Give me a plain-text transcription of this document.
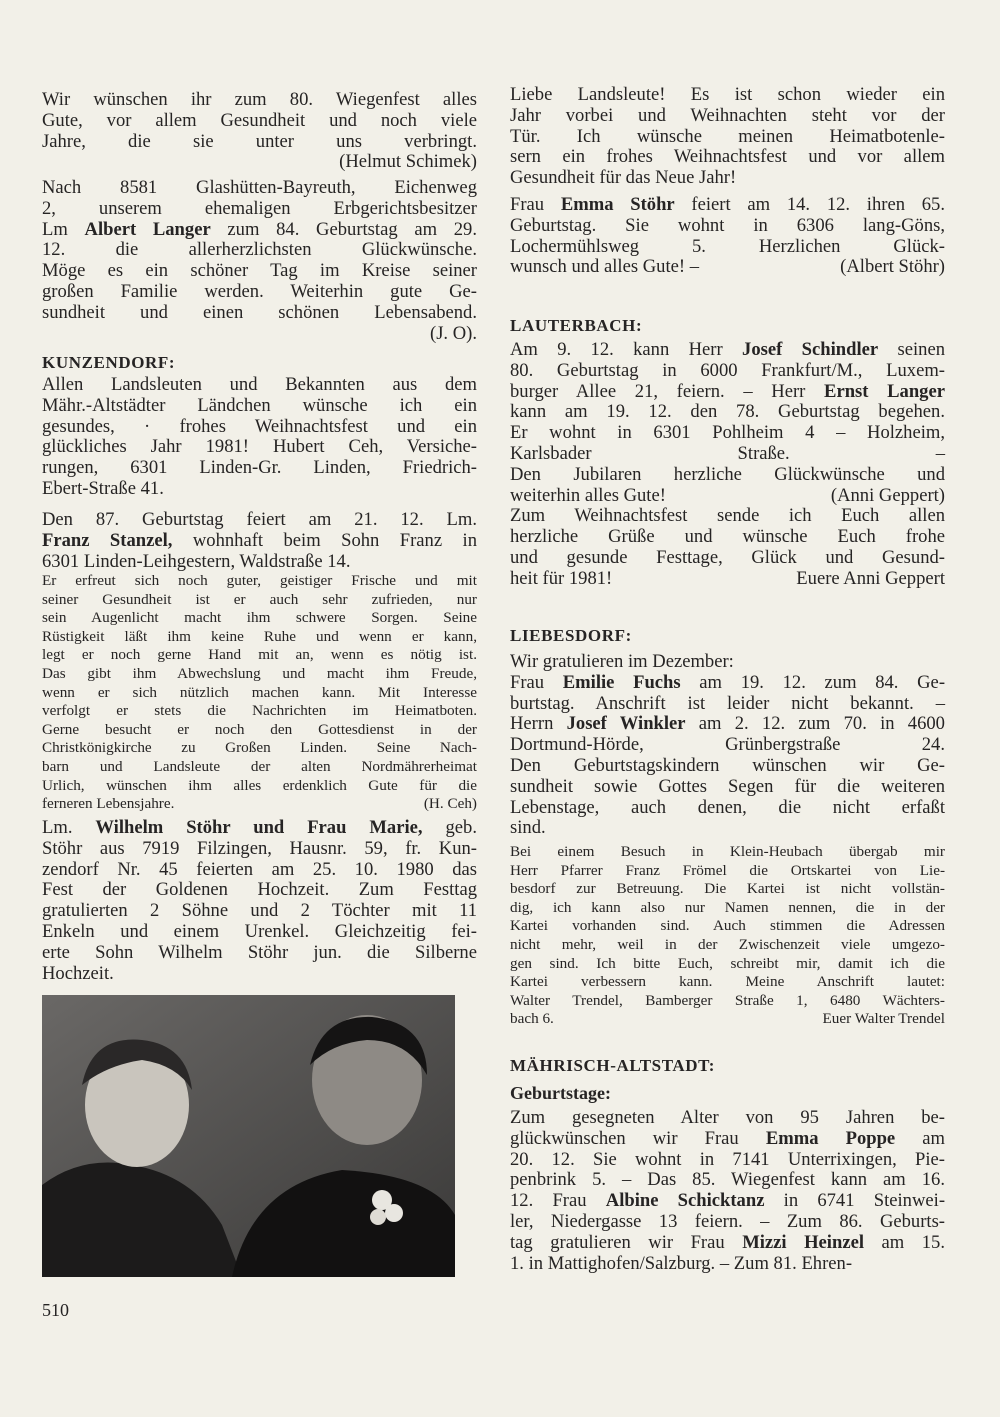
Wir wünschen ihr zum 80. Wiegenfest alles
Gute, vor allem Gesundheit und noch viele
Jahre, die sie unter uns verbringt.
(Helmut Schimek)
Nach 8581 Glashütten-Bayreuth, Eichenweg
2, unserem ehemaligen Erbgerichtsbesitzer
Lm Albert Langer zum 84. Geburtstag am 29.
12. die allerherzlichsten Glückwünsche.
Möge es ein schöner Tag im Kreise seiner
großen Familie werden. Weiterhin gute Ge-
sundheit und einen schönen Lebensabend.
(J. O).
KUNZENDORF:
Allen Landsleuten und Bekannten aus dem
Mähr.-Altstädter Ländchen wünsche ich ein
gesundes, · frohes Weihnachtsfest und ein
glückliches Jahr 1981! Hubert Ceh, Versiche-
rungen, 6301 Linden-Gr. Linden, Friedrich-
Ebert-Straße 41.
Den 87. Geburtstag feiert am 21. 12. Lm.
Franz Stanzel, wohnhaft beim Sohn Franz in
6301 Linden-Leihgestern, Waldstraße 14.
Er erfreut sich noch guter, geistiger Frische und mit
seiner Gesundheit ist er auch sehr zufrieden, nur
sein Augenlicht macht ihm schwere Sorgen. Seine
Rüstigkeit läßt ihm keine Ruhe und wenn er kann,
legt er noch gerne Hand mit an, wenn es nötig ist.
Das gibt ihm Abwechslung und macht ihm Freude,
wenn er sich nützlich machen kann. Mit Interesse
verfolgt er stets die Nachrichten im Heimatboten.
Gerne besucht er noch den Gottesdienst in der
Christkönigkirche zu Großen Linden. Seine Nach-
barn und Landsleute der alten Nordmährerheimat
Urlich, wünschen ihm alles erdenklich Gute für die
(H. Ceh)
ferneren Lebensjahre.
Lm. Wilhelm Stöhr und Frau Marie, geb.
Stöhr aus 7919 Filzingen, Hausnr. 59, fr. Kun-
zendorf Nr. 45 feierten am 25. 10. 1980 das
Fest der Goldenen Hochzeit. Zum Festtag
gratulierten 2 Söhne und 2 Töchter mit 11
Enkeln und einem Urenkel. Gleichzeitig fei-
erte Sohn Wilhelm Stöhr jun. die Silberne
Hochzeit.
510
Liebe Landsleute! Es ist schon wieder ein
Jahr vorbei und Weihnachten steht vor der
Tür. Ich wünsche meinen Heimatbotenle-
sern ein frohes Weihnachtsfest und vor allem
Gesundheit für das Neue Jahr!
Frau Emma Stöhr feiert am 14. 12. ihren 65.
Geburtstag. Sie wohnt in 6306 lang-Göns,
Lochermühlsweg 5. Herzlichen Glück-
(Albert Stöhr)
wunsch und alles Gute! –
LAUTERBACH:
Am 9. 12. kann Herr Josef Schindler seinen
80. Geburtstag in 6000 Frankfurt/M., Luxem-
burger Allee 21, feiern. – Herr Ernst Langer
kann am 19. 12. den 78. Geburtstag begehen.
Er wohnt in 6301 Pohlheim 4 – Holzheim,
Karlsbader Straße. –
Den Jubilaren herzliche Glückwünsche und
(Anni Geppert)
weiterhin alles Gute!
Zum Weihnachtsfest sende ich Euch allen
herzliche Grüße und wünsche Euch frohe
und gesunde Festtage, Glück und Gesund-
Euere Anni Geppert
heit für 1981!
LIEBESDORF:
Wir gratulieren im Dezember:
Frau Emilie Fuchs am 19. 12. zum 84. Ge-
burtstag. Anschrift ist leider nicht bekannt. –
Herrn Josef Winkler am 2. 12. zum 70. in 4600
Dortmund-Hörde, Grünbergstraße 24.
Den Geburtstagskindern wünschen wir Ge-
sundheit sowie Gottes Segen für die weiteren
Lebenstage, auch denen, die nicht erfaßt
sind.
Bei einem Besuch in Klein-Heubach übergab mir
Herr Pfarrer Franz Frömel die Ortskartei von Lie-
besdorf zur Betreuung. Die Kartei ist nicht vollstän-
dig, ich kann also nur Namen nennen, die in der
Kartei vorhanden sind. Auch stimmen die Adressen
nicht mehr, weil in der Zwischenzeit viele umgezo-
gen sind. Ich bitte Euch, schreibt mir, damit ich die
Kartei verbessern kann. Meine Anschrift lautet:
Walter Trendel, Bamberger Straße 1, 6480 Wächters-
Euer Walter Trendel
bach 6.
MÄHRISCH-ALTSTADT:
Geburtstage:
Zum gesegneten Alter von 95 Jahren be-
glückwünschen wir Frau Emma Poppe am
20. 12. Sie wohnt in 7141 Unterrixingen, Pie-
penbrink 5. – Das 85. Wiegenfest kann am 16.
12. Frau Albine Schicktanz in 6741 Steinwei-
ler, Niedergasse 13 feiern. – Zum 86. Geburts-
tag gratulieren wir Frau Mizzi Heinzel am 15.
1. in Mattighofen/Salzburg. – Zum 81. Ehren-
